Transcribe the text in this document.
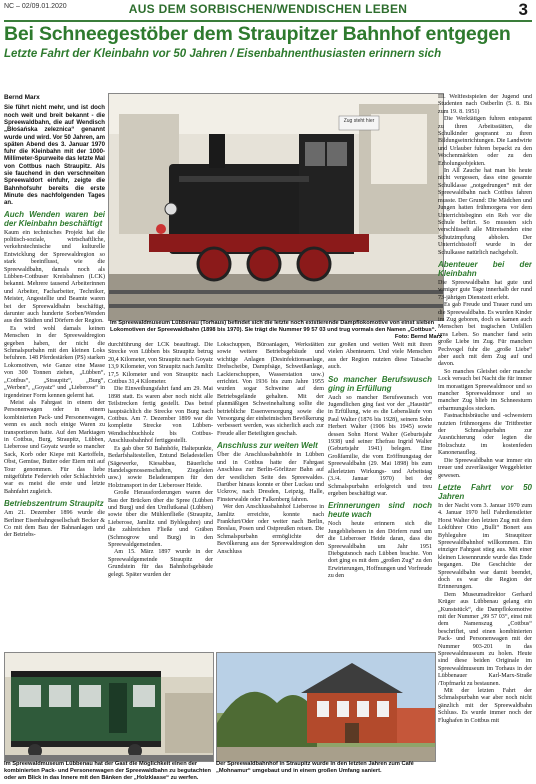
NC – 02/09.01.2020	AUS DEM SORBISCHEN/WENDISCHEN LEBEN	3
Bei Schneegestöber dem Straupitzer Bahnhof entgegen
Letzte Fahrt der Kleinbahn vor 50 Jahren / Eisenbahnenthusiasten erinnern sich
Bernd Marx
Sie führt nicht mehr, und ist doch noch weit und breit bekannt - die Spreewaldbahn, die auf Wendisch „Błośańska zeleznica“ genannt wurde und wird. Vor 50 Jahren, am späten Abend des 3. Januar 1970 fuhr die Kleinbahn mit der 1000-Millimeter-Spurweite das letzte Mal von Cottbus nach Straupitz. Als sie fauchend in den verschneiten Spreewaldort einfuhr, zeigte die Bahnhofsuhr bereits die erste Minute des nachfolgenden Tages an.
Auch Wenden waren bei der Kleinbahn beschäftigt

Kaum ein technisches Projekt hat die politisch-soziale, wirtschaftliche, verkehrstechnische und kulturelle Entwicklung der Spreewaldregion so stark beeinflusst, wie die Spreewaldbahn, damals noch als Lübben-Cottbuser Kreisbahnen (LCK) bekannt. Mehrere tausend Arbeiterinnen und Arbeiter, Facharbeiter, Techniker, Meister, Angestellte und Beamte waren bei der Spreewaldbahn beschäftigt, darunter auch hunderte Sorben/Wenden aus den Städten und Dörfern der Region.

Es wird wohl damals keinen Menschen in der Spreewaldregion gegeben haben, der nicht die Schmalspurbahn mit den kleinen Loks befuhren. 148 Pferdestärken (PS) starken Lokomotiven, wie Ganze eine Masse von 300 Tonnen ziehen, „Lübben“, „Cottbus“, „Straupitz“, „Burg“, „Werben“, „Goyatz“ und „Lieberose“ in irgendeiner Form kennen gelernt hat.

Meist als Fahrgast in einem der Personenwagen oder in einem kombinierten Pack- und Personenwagen, wenn es auch noch einige Waren zu transportieren hatte. Auf den Marktagen in Cottbus, Burg, Straupitz, Lübben, Lieberose und Goyatz wurde so mancher Sack, Korb oder Kiepe mit Kartoffeln, Obst, Gemüse, Butter oder Eiern mit auf Tour genommen. Für das liebe mitgeführte Federvieh oder Schlachtvieh war es meist die erste und letzte Bahnfahrt zugleich.

Betriebszentrum Straupitz

Am 21. Dezember 1896 wurde die Berliner Eisenbahngesellschaft Becker & Co mit dem Bau der Bahnanlagen und der Betriebs-

Zug steht hier
Im Spreewaldmuseum Lübbenau (Torhaus) befindet sich die letzte noch existierende Dampflokomotive von einst sieben Lokomotiven der Spreewaldbahn (1898 bis 1970). Sie trägt die Nummer 99 57 03 und trug vormals den Namen „Cottbus“.
Foto: Bernd Marx

durchführung der LCK beauftragt. Die Strecke von Lübben bis Straupitz betrug 20,4 Kilometer, von Straupitz nach Goyatz 13,9 Kilometer, von Straupitz nach Jamlitz 17,5 Kilometer und von Straupitz nach Cottbus 31,4 Kilometer.

Die Einweihungsfahrt fand am 29. Mai 1898 statt. Es waren aber noch nicht alle Teilstrecken fertig gestellt. Das betraf hauptsächlich die Strecke von Burg nach Cottbus. Am 7. Dezember 1899 war die komplette Strecke von Lübben-Wendischbuchholz bis Cottbus-Anschlussbahnhof fertiggestellt.

Es gab über 50 Bahnhöfe, Haltepunkte, Bedarfshaltestellen, Entund Beladestellen (Sägewerke, Kiesabbau, Bäuerliche Handelsgenossenschaften, Ziegeleien usw.) sowie Beladerampen für den Holztransport in der Lieberoser Heide.

Große Herausforderungen waren der Bau der Brücken über die Spree (Lübben und Burg) und den Umflutkanal (Lübben) sowie über die Mühlenfließe (Straupitz, Lieberose, Jamlitz und Byhleguhre) und die zahlreichen Fließe und Gräben (Schmogrow und Burg) in den Spreewaldgemeinden.

Am 15. März 1897 wurde in der Spreewaldgemeinde Straupitz der Grundstein für das Bahnhofsgebäude gelegt. Später wurden der

Lokschuppen, Büroanlagen, Werkstätten sowie weitere Betriebsgebäude und wichtige Anlagen (Desinfektionsanlage, Drehscheibe, Dampfsäge, Schweißanlage, Lackierschuppen, Wasserstation usw.) errichtet. Von 1936 bis zum Jahre 1955 wurden sogar Schweine auf dem Betriebsgelände gehalten. Mit der planmäßigen Schweinehaltung sollte die betriebliche Essenversorgung sowie die Versorgung der einheimischen Bevölkerung verbessert werden, was sicherlich auch zur Freude aller Beteiligten geschah.

Anschluss zur weiten Welt

Über die Anschlussbahnhöfe in Lübben und in Cottbus hatte der Fahrgast Anschluss zur Berlin-Görlitzer Bahn auf der westlichen Seite des Spreewaldes. Darüber hinaus konnte er über Luckau und Uckrow, nach Dresden, Leipzig, Halle, Finsterwalde oder Falkenberg fahren.

Wer den Anschlussbahnhof Lieberose in Jamlitz erreichte, konnte nach Frankfurt/Oder oder weiter nach Berlin, Breslau, Posen und Ostpreußen reisen. Die Schmalspurbahn ermöglichte der Bevölkerung aus der Spreewaldregion den Anschluss

zur großen und weiten Welt mit ihren vielen Abenteuern. Und viele Menschen aus der Region nutzten diese Tatsache auch.

So mancher Berufswusch ging in Erfüllung

Auch so mancher Berufswunsch von Jugendlichen ging fast vor der „Haustür“ in Erfüllung, wie es die Lebensläufe von Paul Walter (1876 bis 1928), seinem Sohn Herbert Walter (1906 bis 1945) sowie dessen Sohn Horst Walter (Geburtsjahr 1938) und seiner Ehefrau Ingrid Walter (Geburtsjahr 1941) belegen. Eine Großfamilie, die vom Eröffnungstag der Spreewaldbahn (29. Mai 1898) bis zum allerletzten Wirkungs- und Arbeitstag (3./4. Januar 1970) bei der Schmalspurbahn erfolgreich und treu ergeben beschäftigt war.

Erinnerungen sind noch heute wach

Noch heute erinnern sich die Jungebliebenen in den Dörfern rund um die Lieberoser Heide daran, dass die Spreewaldbahn um Jahr 1951 Diebgutsnoch nach Lübben brachte. Von dort ging es mit dem „großen Zug“ zu den Erwirterungen, Hoffnungen und Vorfreude zu den

III. Weltfestspielen der Jugend und Studenten nach Ostberlin (5. 8. Bis zum 19. 8. 1951)

Die Werktätigen fuhren entspannt zu ihren Arbeitsstätten, die Schulkinder gesprannt zu ihren Bildungseinrichtungen. Die Landwirte und Urlauber fuhren bepackt zu den Wochenmärkten oder zu den Erholungsobjekten.

In All Zauche hat man bis heute nicht vergessen, dass eine gesamte Schulklasse „notgedrungen“ mit der Spreewaldbahn nach Cottbus fahren musste. Der Grund: Die Mädchen und Jungen hatten frühmorgens vor dem Unterrichtsbeginn ein Reh vor die Schule befürt. So mussten sich verschlüsselt alle Mitreisenden eine Schutzimpfung abholen. Der Unterrichtsstoff wurde in der Schulkasse natürlich nachgeholt.

Abenteuer bei der Kleinbahn

Die Spreewaldbahn hat gute und weniger gute Tage innerhalb der rund 73-jährigen Dienstzeit erlebt.

Es gab Freude und Trauer rund um die Spreewaldbahn. Es wurden Kinder im Zug geboren, doch es kamen auch Menschen bei tragischen Unfällen ums Leben. So mancher fand sein große Liebe im Zug. Für manchen Pechvogel fuhr die „große Liebe“ aber auch mit dem Zug auf und davon.

So manches Gleishet oder manche Lock versuch bei Nacht die für immer im morastigen Spreewaldmoor und so mancher Spreewaldmoor und so mancher Zug blieb im Schneesturm erbarmungslos stecken.

Fastnachtsbräuche und -schwestern nutzten frühmorgens die Trittbretter der Schmalspurbahn zur Ausnüchterung oder legten die Holzschutz im kostenfeden Kanonenaufleg.

Die Spreewaldbahn war immer ein treuer und zuverlässiger Weggebleiter gewesen.

Letzte Fahrt vor 50 Jahren

In der Nacht vom 3. Januar 1970 zum 4. Januar 1970 hell Fahrdienstleiter Horst Walter den letzten Zug mit dem Lokführer Otto „Bulli“ Bonert aus Byhleguhre im Straupitzer Spreewaldbahnhof willkommen. Ein einziger Fahrgast stieg aus. Mit einer kleinen Liesennrunde wurde das Ende begangen. Die Geschichte der Spreewaldbahn war damit beendet, doch es war die Region der Erinnerungen.

Dem Museumsdirektor Gerhard Krüger aus Lübbenau gelang ein „Kunststück“, die Dampflokomotive mit der Nummer „99 57 03“, einst mit dem Namenszug „Cottbus“ beschriftet, und einen kombinierten Pack- und Personenwagen mit der Nummer 903-201 in das Spreewaldmuseum zu holen. Heute sind diese beiden Originale im Spreewaldmuseum im Torhaus in der Lübbenauer Karl-Marx-Straße /Topfmarkt zu bestaunen.

Mit der letzten Fahrt der Schmalspurbahn war aber noch nicht gänzlich mit der Spreewaldbahn Schluss. Es wurde immer noch der Flughafen in Cottbus mit

Im Spreewaldmuseum Lübbenau hat der Gast die Möglichkeit einen der kombinierten Pack- und Personenwagen der Spreewaldbahn zu begutachten oder am Blick in das Innere mit den Bänken der „Holzklasse“ zu werfen.
Der Spreewaldbahnhof in Straupitz wurde in den letzten Jahren zum Café „Mohnamur“ umgebaut und in einem großen Umfang saniert.
